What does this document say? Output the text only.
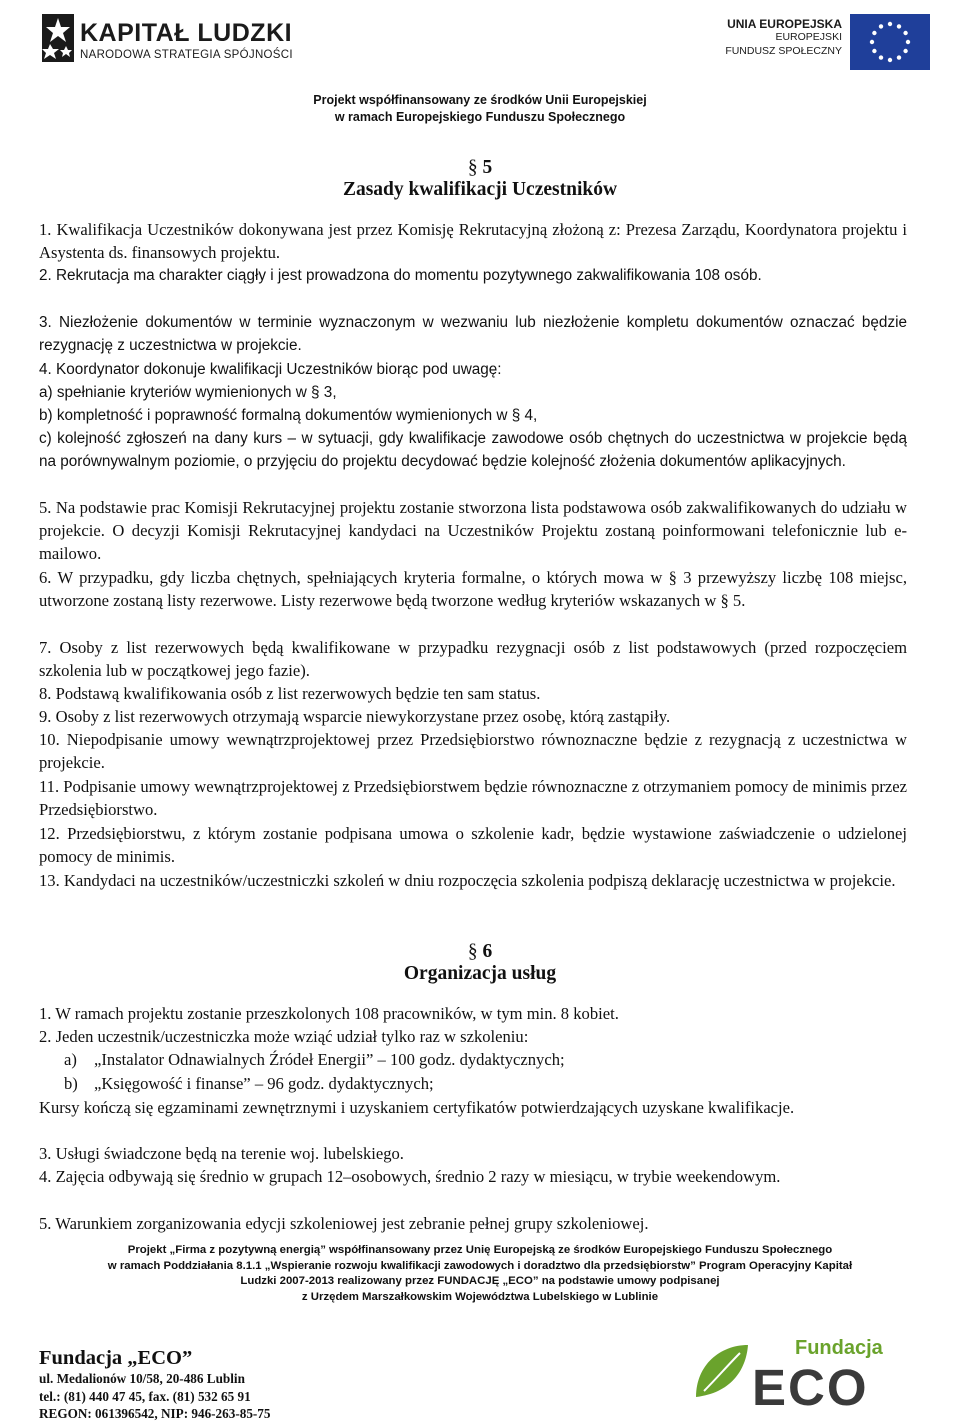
KAPITAŁ LUDZKI
NARODOWA STRATEGIA SPÓJNOŚCI
UNIA EUROPEJSKA
EUROPEJSKI
FUNDUSZ SPOŁECZNY
Projekt współfinansowany ze środków Unii Europejskiej
w ramach Europejskiego Funduszu Społecznego
§ 5
Zasady kwalifikacji Uczestników
1. Kwalifikacja Uczestników dokonywana jest przez Komisję Rekrutacyjną złożoną z: Prezesa Zarządu, Koordynatora projektu i Asystenta ds. finansowych projektu.
2. Rekrutacja ma charakter ciągły i jest prowadzona do momentu pozytywnego zakwalifikowania 108 osób.
3. Niezłożenie dokumentów w terminie wyznaczonym w wezwaniu lub niezłożenie kompletu dokumentów oznaczać będzie rezygnację z uczestnictwa w projekcie.
4. Koordynator dokonuje kwalifikacji Uczestników biorąc pod uwagę:
a) spełnianie kryteriów wymienionych w § 3,
b) kompletność i poprawność formalną dokumentów wymienionych w § 4,
c) kolejność zgłoszeń na dany kurs – w sytuacji, gdy kwalifikacje zawodowe osób chętnych do uczestnictwa w projekcie będą na porównywalnym poziomie, o przyjęciu do projektu decydować będzie kolejność złożenia dokumentów aplikacyjnych.
5. Na podstawie prac Komisji Rekrutacyjnej projektu zostanie stworzona lista podstawowa osób zakwalifikowanych do udziału w projekcie. O decyzji Komisji Rekrutacyjnej kandydaci na Uczestników Projektu zostaną poinformowani telefonicznie lub e-mailowo.
6. W przypadku, gdy liczba chętnych, spełniających kryteria formalne, o których mowa w § 3 przewyższy liczbę 108 miejsc, utworzone zostaną listy rezerwowe. Listy rezerwowe będą tworzone według kryteriów wskazanych w § 5.
7. Osoby z list rezerwowych będą kwalifikowane w przypadku rezygnacji osób z list podstawowych (przed rozpoczęciem szkolenia lub w początkowej jego fazie).
8. Podstawą kwalifikowania osób z list rezerwowych będzie ten sam status.
9. Osoby z list rezerwowych otrzymają wsparcie niewykorzystane przez osobę, którą zastąpiły.
10. Niepodpisanie umowy wewnątrzprojektowej przez Przedsiębiorstwo równoznaczne będzie z rezygnacją z uczestnictwa w projekcie.
11. Podpisanie umowy wewnątrzprojektowej z Przedsiębiorstwem będzie równoznaczne z otrzymaniem pomocy de minimis przez Przedsiębiorstwo.
12. Przedsiębiorstwu, z którym zostanie podpisana umowa o szkolenie kadr, będzie wystawione zaświadczenie o udzielonej pomocy de minimis.
13. Kandydaci na uczestników/uczestniczki szkoleń w dniu rozpoczęcia szkolenia podpiszą deklarację uczestnictwa w projekcie.
§ 6
Organizacja usług
1. W ramach projektu zostanie przeszkolonych 108 pracowników, w tym min. 8 kobiet.
2. Jeden uczestnik/uczestniczka może wziąć udział tylko raz w szkoleniu:
a) „Instalator Odnawialnych Źródeł Energii” – 100 godz. dydaktycznych;
b) „Księgowość i finanse” – 96 godz. dydaktycznych;
Kursy kończą się egzaminami zewnętrznymi i uzyskaniem certyfikatów potwierdzających uzyskane kwalifikacje.
3. Usługi świadczone będą na terenie woj. lubelskiego.
4. Zajęcia odbywają się średnio w grupach 12–osobowych, średnio 2 razy w miesiącu, w trybie weekendowym.
5. Warunkiem zorganizowania edycji szkoleniowej jest zebranie pełnej grupy szkoleniowej.
Projekt „Firma z pozytywną energią” współfinansowany przez Unię Europejską ze środków Europejskiego Funduszu Społecznego
w ramach Poddziałania 8.1.1 „Wspieranie rozwoju kwalifikacji zawodowych i doradztwo dla przedsiębiorstw” Program Operacyjny Kapitał
Ludzki 2007-2013 realizowany przez FUNDACJĘ „ECO” na podstawie umowy podpisanej
z Urzędem Marszałkowskim Województwa Lubelskiego w Lublinie
Fundacja „ECO”
ul. Medalionów 10/58, 20-486 Lublin
tel.: (81) 440 47 45, fax. (81) 532 65 91
REGON: 061396542, NIP: 946-263-85-75
Fundacja
ECO
